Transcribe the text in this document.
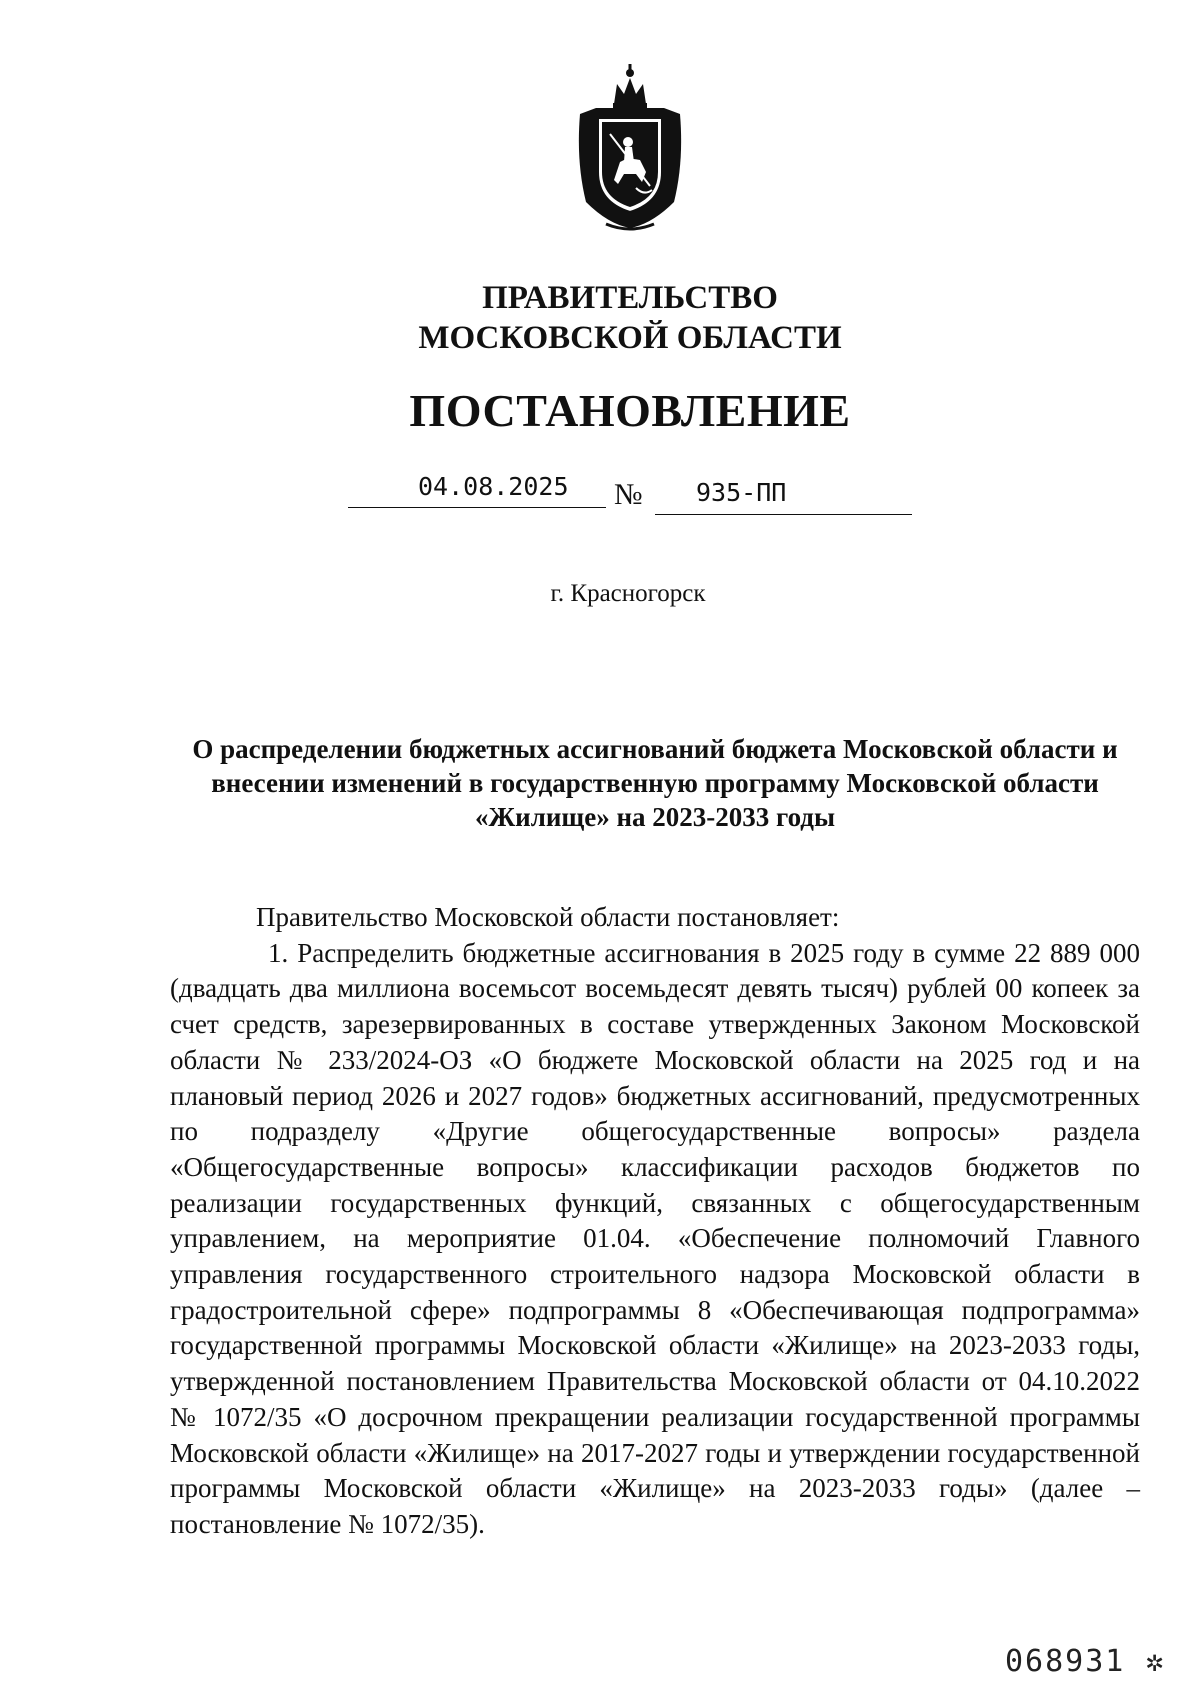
ПРАВИТЕЛЬСТВО
МОСКОВСКОЙ ОБЛАСТИ
ПОСТАНОВЛЕНИЕ
04.08.2025 № 935-ПП
г. Красногорск
О распределении бюджетных ассигнований бюджета Московской области и внесении изменений в государственную программу Московской области «Жилище» на 2023-2033 годы

Правительство Московской области постановляет:

1. Распределить бюджетные ассигнования в 2025 году в сумме 22 889 000 (двадцать два миллиона восемьсот восемьдесят девять тысяч) рублей 00 копеек за счет средств, зарезервированных в составе утвержденных Законом Московской области № 233/2024-ОЗ «О бюджете Московской области на 2025 год и на плановый период 2026 и 2027 годов» бюджетных ассигнований, предусмотренных по подразделу «Другие общегосударственные вопросы» раздела «Общегосударственные вопросы» классификации расходов бюджетов по реализации государственных функций, связанных с общегосударственным управлением, на мероприятие 01.04. «Обеспечение полномочий Главного управления государственного строительного надзора Московской области в градостроительной сфере» подпрограммы 8 «Обеспечивающая подпрограмма» государственной программы Московской области «Жилище» на 2023-2033 годы, утвержденной постановлением Правительства Московской области от 04.10.2022 № 1072/35 «О досрочном прекращении реализации государственной программы Московской области «Жилище» на 2017-2027 годы и утверждении государственной программы Московской области «Жилище» на 2023-2033 годы» (далее – постановление № 1072/35).

068931 ✲
